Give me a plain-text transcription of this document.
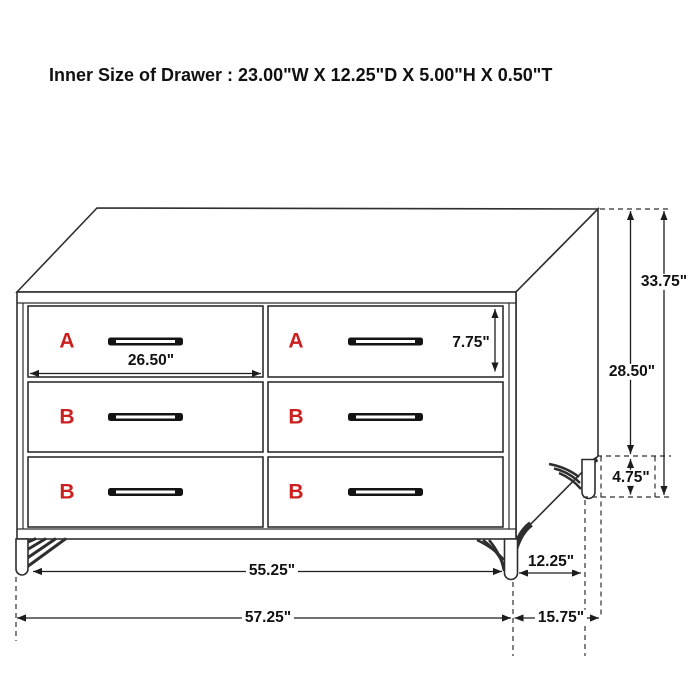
Inner Size of Drawer : 23.00"W X 12.25"D X 5.00"H X 0.50"T
A	A
B	B
B	B
26.50"
7.75"
33.75"
28.50"
4.75"
55.25"
57.25"
12.25"
15.75"
